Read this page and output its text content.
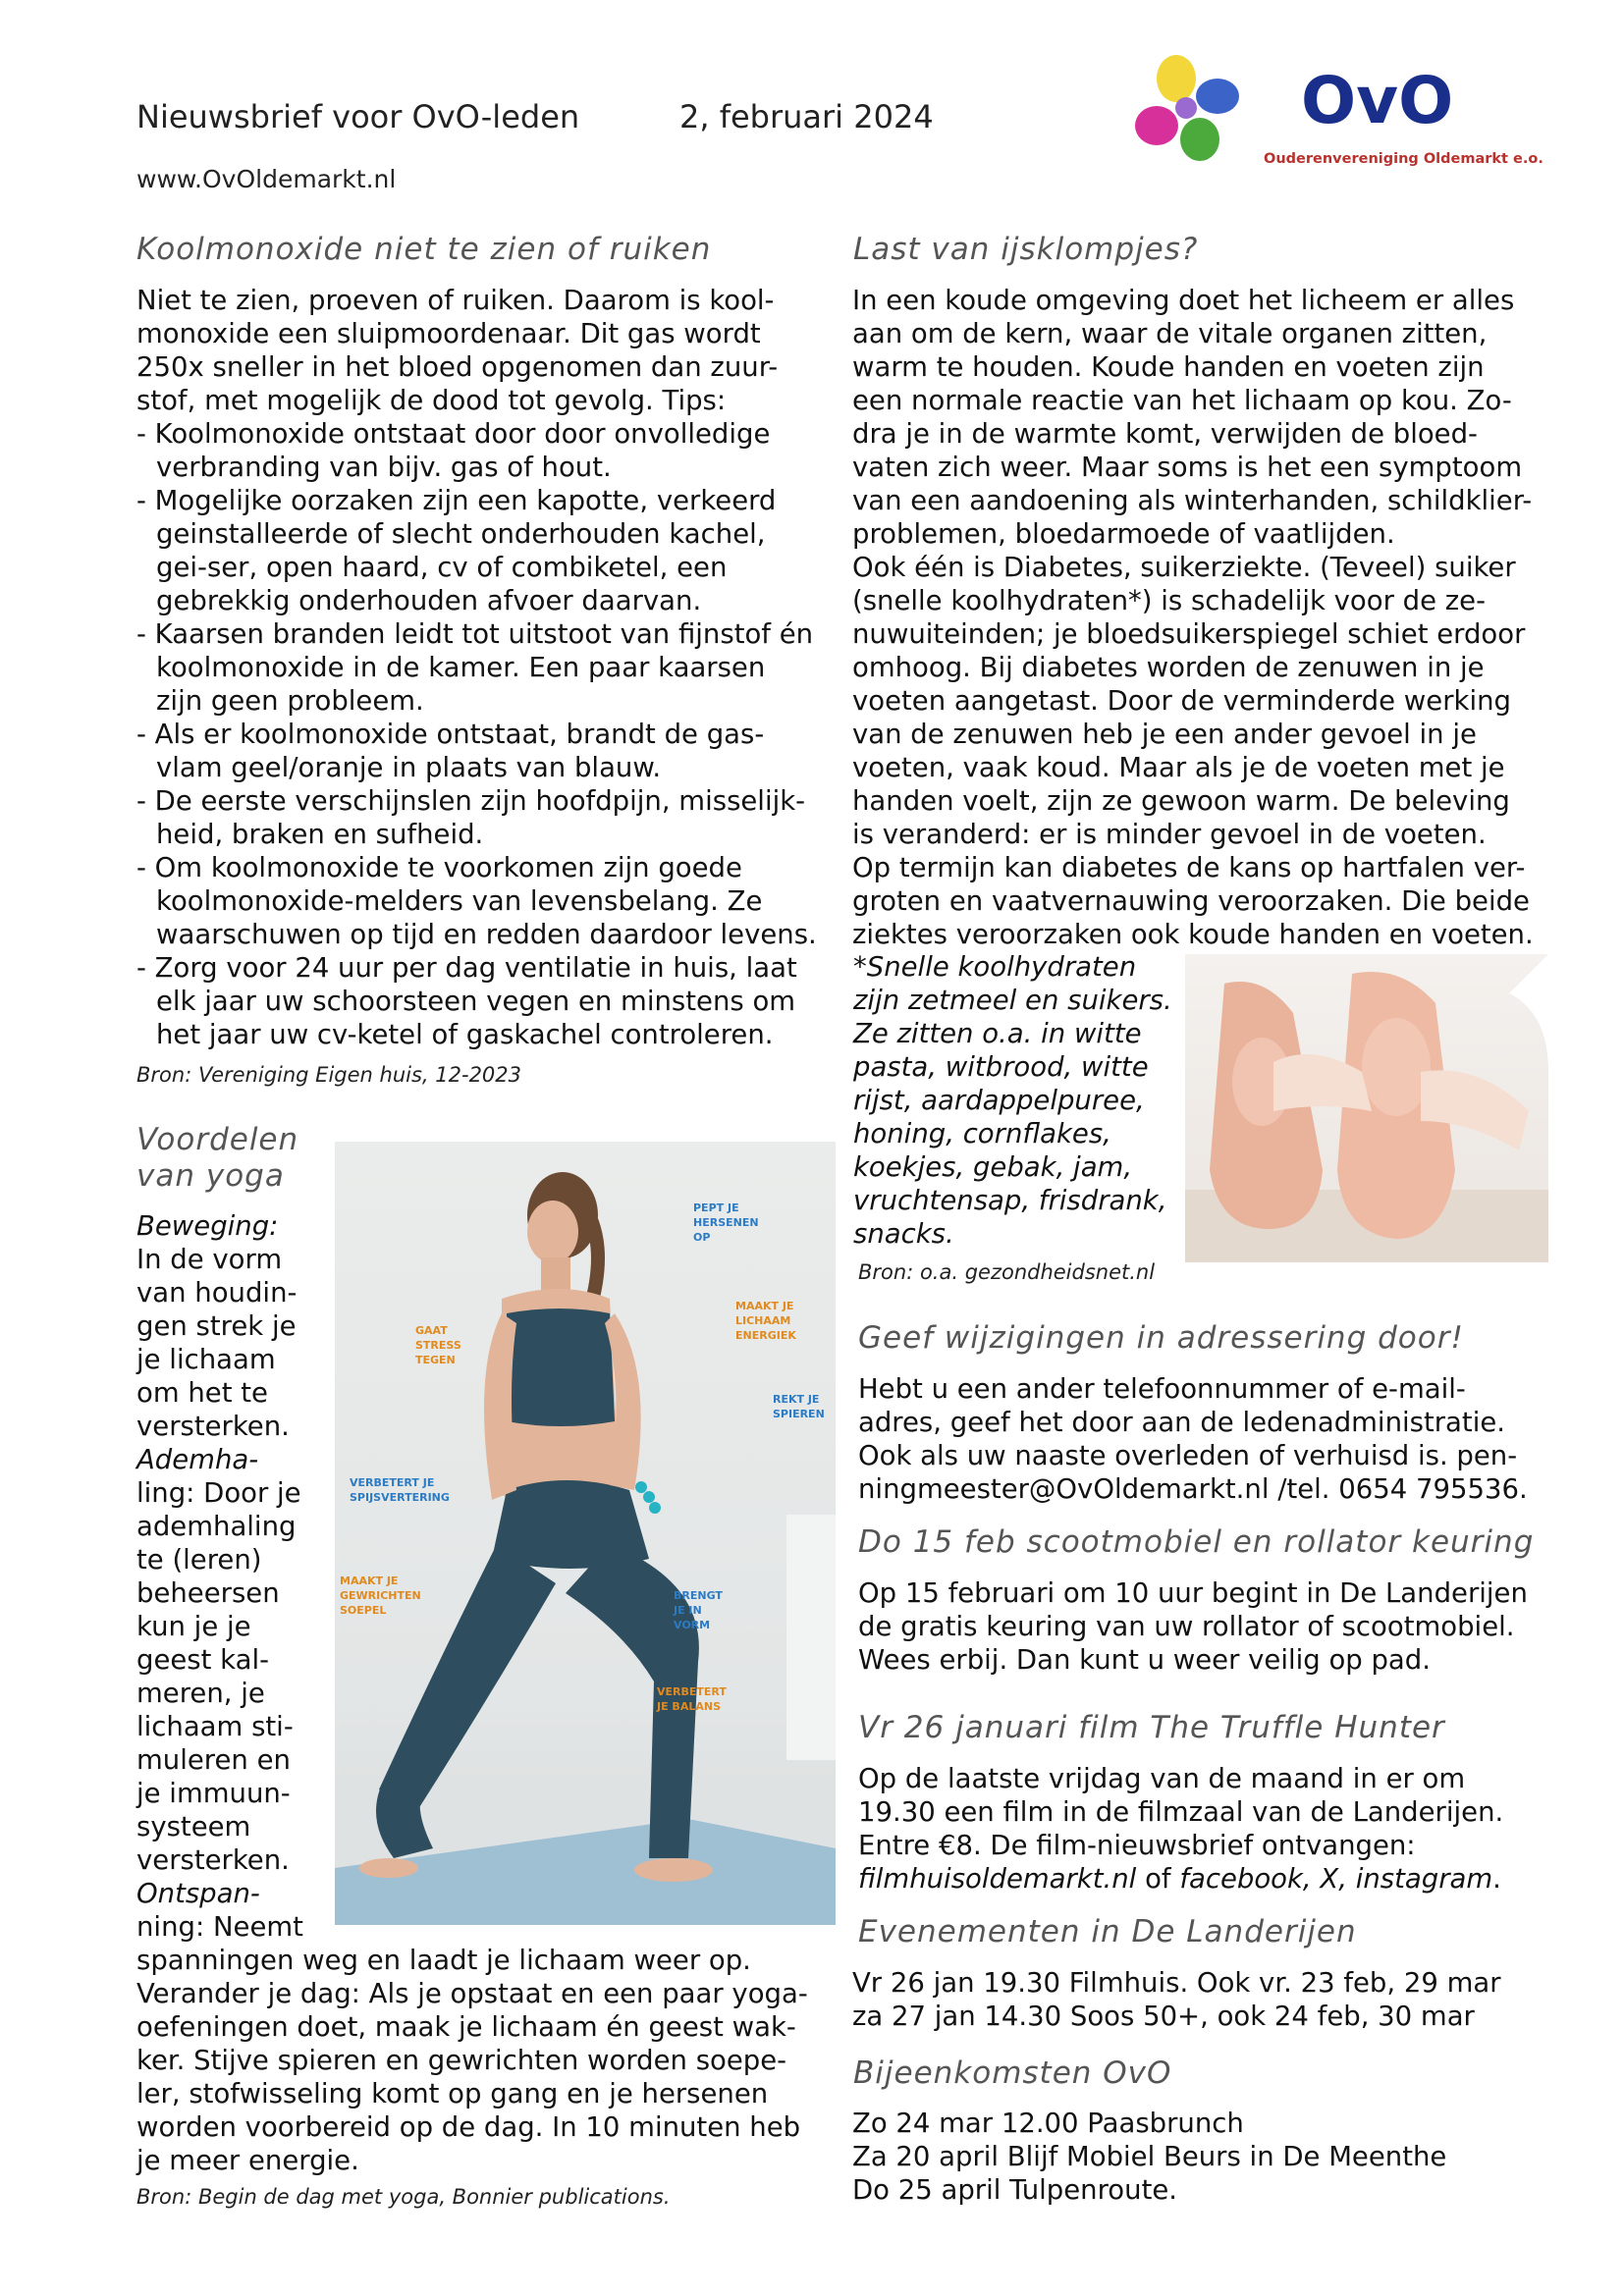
Nieuwsbrief voor OvO-leden	2, februari 2024
www.OvOldemarkt.nl
OvO
Ouderenvereniging Oldemarkt e.o.
Koolmonoxide niet te zien of ruiken
Niet te zien, proeven of ruiken. Daarom is kool-
monoxide een sluipmoordenaar. Dit gas wordt
250x sneller in het bloed opgenomen dan zuur-
stof, met mogelijk de dood tot gevolg. Tips:
- Koolmonoxide ontstaat door door onvolledige
verbranding van bijv. gas of hout.
- Mogelijke oorzaken zijn een kapotte, verkeerd
geinstalleerde of slecht onderhouden kachel,
gei-ser, open haard, cv of combiketel, een
gebrekkig onderhouden afvoer daarvan.
- Kaarsen branden leidt tot uitstoot van fijnstof én
koolmonoxide in de kamer. Een paar kaarsen
zijn geen probleem.
- Als er koolmonoxide ontstaat, brandt de gas-
vlam geel/oranje in plaats van blauw.
- De eerste verschijnslen zijn hoofdpijn, misselijk-
heid, braken en sufheid.
- Om koolmonoxide te voorkomen zijn goede
koolmonoxide-melders van levensbelang. Ze
waarschuwen op tijd en redden daardoor levens.
- Zorg voor 24 uur per dag ventilatie in huis, laat
elk jaar uw schoorsteen vegen en minstens om
het jaar uw cv-ketel of gaskachel controleren.
Bron: Vereniging Eigen huis, 12-2023
Voordelen
van yoga
Beweging:
In de vorm
van houdin-
gen strek je
je lichaam
om het te
versterken.
Ademha-
ling: Door je
ademhaling
te (leren)
beheersen
kun je je
geest kal-
meren, je
lichaam sti-
muleren en
je immuun-
systeem
versterken.
Ontspan-
ning: Neemt
spanningen weg en laadt je lichaam weer op.
Verander je dag: Als je opstaat en een paar yoga-
oefeningen doet, maak je lichaam én geest wak-
ker. Stijve spieren en gewrichten worden soepe-
ler, stofwisseling komt op gang en je hersenen
worden voorbereid op de dag. In 10 minuten heb
je meer energie.
Bron: Begin de dag met yoga, Bonnier publications.
PEPT JE HERSENEN OP
MAAKT JE LICHAAM ENERGIEK
GAAT STRESS TEGEN
REKT JE SPIEREN
VERBETERT JE SPIJSVERTERING
MAAKT JE GEWRICHTEN SOEPEL
BRENGT JE IN VORM
VERBETERT JE BALANS
Last van ijsklompjes?
In een koude omgeving doet het licheem er alles
aan om de kern, waar de vitale organen zitten,
warm te houden. Koude handen en voeten zijn
een normale reactie van het lichaam op kou. Zo-
dra je in de warmte komt, verwijden de bloed-
vaten zich weer. Maar soms is het een symptoom
van een aandoening als winterhanden, schildklier-
problemen, bloedarmoede of vaatlijden.
Ook één is Diabetes, suikerziekte. (Teveel) suiker
(snelle koolhydraten*) is schadelijk voor de ze-
nuwuiteinden; je bloedsuikerspiegel schiet erdoor
omhoog. Bij diabetes worden de zenuwen in je
voeten aangetast. Door de verminderde werking
van de zenuwen heb je een ander gevoel in je
voeten, vaak koud. Maar als je de voeten met je
handen voelt, zijn ze gewoon warm. De beleving
is veranderd: er is minder gevoel in de voeten.
Op termijn kan diabetes de kans op hartfalen ver-
groten en vaatvernauwing veroorzaken. Die beide
ziektes veroorzaken ook koude handen en voeten.
*Snelle koolhydraten
zijn zetmeel en suikers.
Ze zitten o.a. in witte
pasta, witbrood, witte
rijst, aardappelpuree,
honing, cornflakes,
koekjes, gebak, jam,
vruchtensap, frisdrank,
snacks.
Bron: o.a. gezondheidsnet.nl
Geef wijzigingen in adressering door!
Hebt u een ander telefoonnummer of e-mail-
adres, geef het door aan de ledenadministratie.
Ook als uw naaste overleden of verhuisd is. pen-
ningmeester@OvOldemarkt.nl /tel. 0654 795536.
Do 15 feb scootmobiel en rollator keuring
Op 15 februari om 10 uur begint in De Landerijen
de gratis keuring van uw rollator of scootmobiel.
Wees erbij. Dan kunt u weer veilig op pad.
Vr 26 januari film The Truffle Hunter
Op de laatste vrijdag van de maand in er om
19.30 een film in de filmzaal van de Landerijen.
Entre €8. De film-nieuwsbrief ontvangen:
filmhuisoldemarkt.nl of facebook, X, instagram.
Evenementen in De Landerijen
Vr 26 jan 19.30 Filmhuis. Ook vr. 23 feb, 29 mar
za 27 jan 14.30 Soos 50+, ook 24 feb, 30 mar
Bijeenkomsten OvO
Zo 24 mar 12.00 Paasbrunch
Za 20 april Blijf Mobiel Beurs in De Meenthe
Do 25 april Tulpenroute.
